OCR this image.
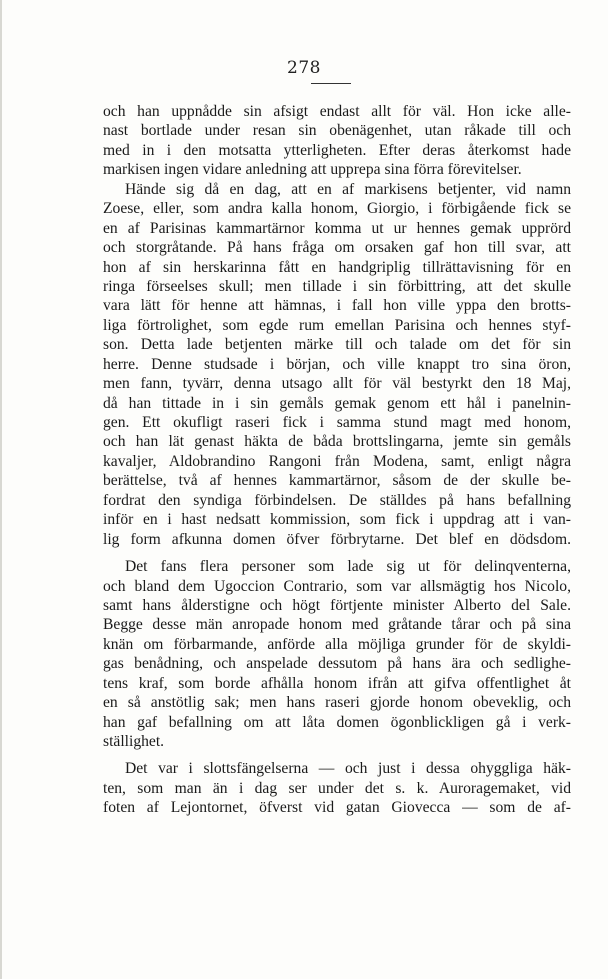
278
och han uppnådde sin afsigt endast allt för väl. Hon icke alle-
nast bortlade under resan sin obenägenhet, utan råkade till och
med in i den motsatta ytterligheten. Efter deras återkomst hade
markisen ingen vidare anledning att upprepa sina förra förevitelser.
Hände sig då en dag, att en af markisens betjenter, vid namn
Zoese, eller, som andra kalla honom, Giorgio, i förbigående fick se
en af Parisinas kammartärnor komma ut ur hennes gemak upprörd
och storgråtande. På hans fråga om orsaken gaf hon till svar, att
hon af sin herskarinna fått en handgriplig tillrättavisning för en
ringa förseelses skull; men tillade i sin förbittring, att det skulle
vara lätt för henne att hämnas, i fall hon ville yppa den brotts-
liga förtrolighet, som egde rum emellan Parisina och hennes styf-
son. Detta lade betjenten märke till och talade om det för sin
herre. Denne studsade i början, och ville knappt tro sina öron,
men fann, tyvärr, denna utsago allt för väl bestyrkt den 18 Maj,
då han tittade in i sin gemåls gemak genom ett hål i panelnin-
gen. Ett okufligt raseri fick i samma stund magt med honom,
och han lät genast häkta de båda brottslingarna, jemte sin gemåls
kavaljer, Aldobrandino Rangoni från Modena, samt, enligt några
berättelse, två af hennes kammartärnor, såsom de der skulle be-
fordrat den syndiga förbindelsen. De ställdes på hans befallning
inför en i hast nedsatt kommission, som fick i uppdrag att i van-
lig form afkunna domen öfver förbrytarne. Det blef en dödsdom.
Det fans flera personer som lade sig ut för delinqventerna,
och bland dem Ugoccion Contrario, som var allsmägtig hos Nicolo,
samt hans ålderstigne och högt förtjente minister Alberto del Sale.
Begge desse män anropade honom med gråtande tårar och på sina
knän om förbarmande, anförde alla möjliga grunder för de skyldi-
gas benådning, och anspelade dessutom på hans ära och sedlighe-
tens kraf, som borde afhålla honom ifrån att gifva offentlighet åt
en så anstötlig sak; men hans raseri gjorde honom obeveklig, och
han gaf befallning om att låta domen ögonblickligen gå i verk-
ställighet.
Det var i slottsfängelserna — och just i dessa ohyggliga häk-
ten, som man än i dag ser under det s. k. Auroragemaket, vid
foten af Lejontornet, öfverst vid gatan Giovecca — som de af-
